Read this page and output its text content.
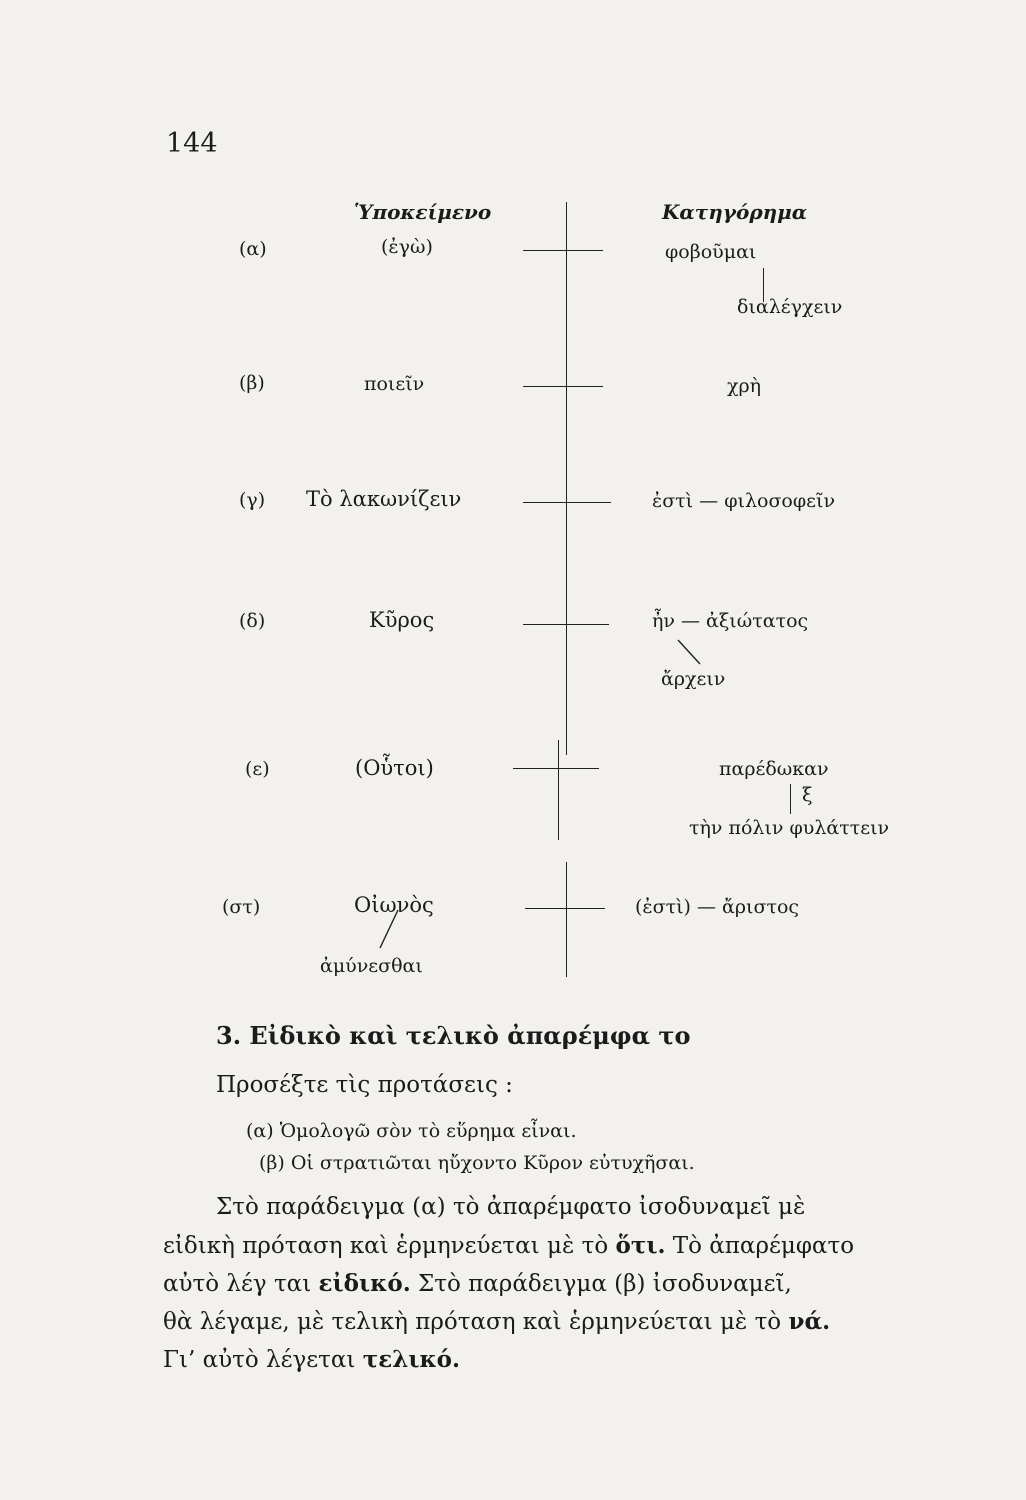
144
Ὑποκείμενο	Κατηγόρημα
(α)	(ἐγὼ)	φοβοῦμαι
διαλέγχειν
(β)	ποιεῖν	χρὴ
(γ) Τὸ λακωνίζειν	ἐστὶ — φιλοσοφεῖν
(δ)	Κῦρος	ἦν — ἀξιώτατος
ἄρχειν
(ε)	(Οὗτοι)	παρέδωκαν
ξ
τὴν πόλιν φυλάττειν
(στ)	Οἰωνὸς	(ἐστὶ) — ἄριστος
ἀμύνεσθαι
3. Εἰδικὸ καὶ τελικὸ ἀπαρέμφα το
Προσέξτε τὶς προτάσεις :
(α) Ὁμολογῶ σὸν τὸ εὕρημα εἶναι.
(β) Οἱ στρατιῶται ηὔχοντο Κῦρον εὐτυχῆσαι.
Στὸ παράδειγμα (α) τὸ ἀπαρέμφατο ἰσοδυναμεῖ μὲ
εἰδικὴ πρόταση καὶ ἑρμηνεύεται μὲ τὸ ὅτι. Τὸ ἀπαρέμφατο
αὐτὸ λέγ ται εἰδικό. Στὸ παράδειγμα (β) ἰσοδυναμεῖ,
θὰ λέγαμε, μὲ τελικὴ πρόταση καὶ ἑρμηνεύεται μὲ τὸ νά.
Γι’ αὐτὸ λέγεται τελικό.
